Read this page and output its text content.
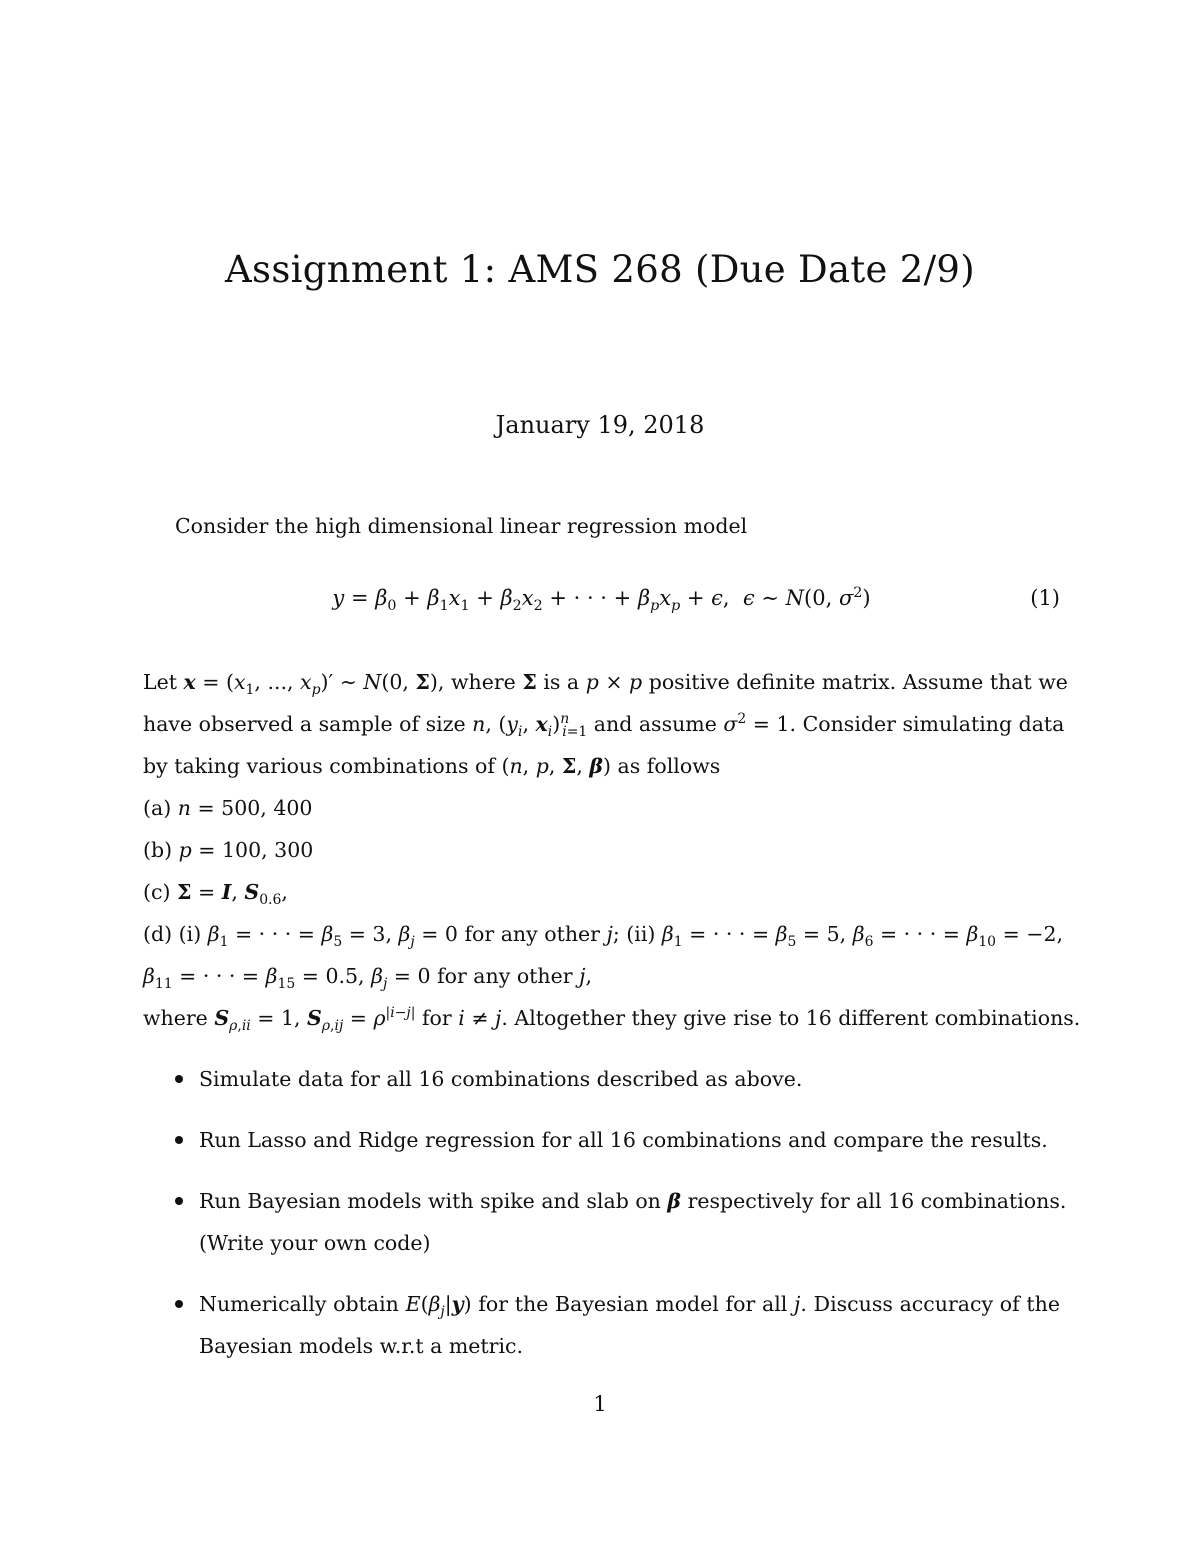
Assignment 1: AMS 268 (Due Date 2/9)
January 19, 2018
Consider the high dimensional linear regression model
$y = \beta_0 + \beta_1x_1 + \beta_2x_2$ + · · · + $\beta_px_p + \epsilon$,  ϵ ∼ N(0, $\sigma^2$)	(1)

Let $x = (x_1$, ..., $x_p)'$ ∼ N(0, Σ), where Σ is a p × p positive definite matrix. Assume that we

have observed a sample of size n, ($y_i$, $x_i)^n_{i=1}$ and assume $\sigma^2 = 1$. Consider simulating data

by taking various combinations of (n, p, Σ, β) as follows

(a) n = 500, 400

(b) p = 100, 300

(c) Σ = I, $S_{0.6}$,

(d) (i) $\beta_1$ = · · · = $\beta_5 = 3$, $\beta_j = 0$ for any other j; (ii) $\beta_1$ = · · · = $\beta_5 = 5$, $\beta_6$ = · · · = $\beta_{10} = -2$,

$\beta_{11}$ = · · · = $\beta_{15} = 0.5$, $\beta_j = 0$ for any other j,

where $S_{\rho,ii} = 1$, $S_{\rho,ij} = \rho^{|i-j|}$ for i ≠ j. Altogether they give rise to 16 different combinations.

Simulate data for all 16 combinations described as above.
Run Lasso and Ridge regression for all 16 combinations and compare the results.
Run Bayesian models with spike and slab on β respectively for all 16 combinations.
(Write your own code)
Numerically obtain $E(\beta_j|y)$ for the Bayesian model for all j. Discuss accuracy of the
Bayesian models w.r.t a metric.
1
